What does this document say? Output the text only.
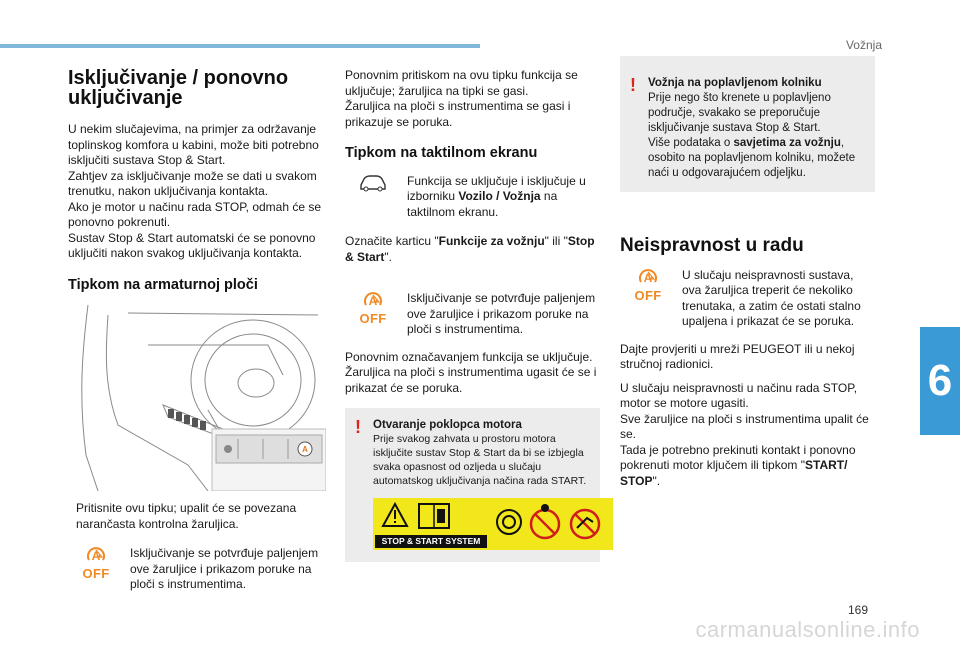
Vožnja
6
169
carmanualsonline.info
Isključivanje / ponovno uključivanje

U nekim slučajevima, na primjer za održavanje toplinskog komfora u kabini, može biti potrebno isključiti sustava Stop & Start.
Zahtjev za isključivanje može se dati u svakom trenutku, nakon uključivanja kontakta.
Ako je motor u načinu rada STOP, odmah će se ponovno pokrenuti.
Sustav Stop & Start automatski će se ponovno uključiti nakon svakog uključivanja kontakta.

Tipkom na armaturnoj ploči
A
Pritisnite ovu tipku; upalit će se povezana narančasta kontrolna žaruljica.
A
OFF
Isključivanje se potvrđuje paljenjem ove žaruljice i prikazom poruke na ploči s instrumentima.

Ponovnim pritiskom na ovu tipku funkcija se uključuje; žaruljica na tipki se gasi.
Žaruljica na ploči s instrumentima se gasi i prikazuje se poruka.

Tipkom na taktilnom ekranu
Funkcija se uključuje i isključuje u izborniku Vozilo / Vožnja na taktilnom ekranu.

Označite karticu "Funkcije za vožnju" ili "Stop & Start".

A
OFF
Isključivanje se potvrđuje paljenjem ove žaruljice i prikazom poruke na ploči s instrumentima.

Ponovnim označavanjem funkcija se uključuje.
Žaruljica na ploči s instrumentima ugasit će se i prikazat će se poruka.

! Otvaranje poklopca motora
Prije svakog zahvata u prostoru motora isključite sustav Stop & Start da bi se izbjegla svaka opasnost od ozljeda u slučaju automatskog uključivanja načina rada START.
STOP & START SYSTEM
! Vožnja na poplavljenom kolniku
Prije nego što krenete u poplavljeno područje, svakako se preporučuje isključivanje sustava Stop & Start.
Više podataka o savjetima za vožnju, osobito na poplavljenom kolniku, možete naći u odgovarajućem odjeljku.
Neispravnost u radu
A
OFF
U slučaju neispravnosti sustava, ova žaruljica treperit će nekoliko trenutaka, a zatim će ostati stalno upaljena i prikazat će se poruka.

Dajte provjeriti u mreži PEUGEOT ili u nekoj stručnoj radionici.

U slučaju neispravnosti u načinu rada STOP, motor se motore ugasiti.
Sve žaruljice na ploči s instrumentima upalit će se.
Tada je potrebno prekinuti kontakt i ponovno pokrenuti motor ključem ili tipkom "START/ STOP".
